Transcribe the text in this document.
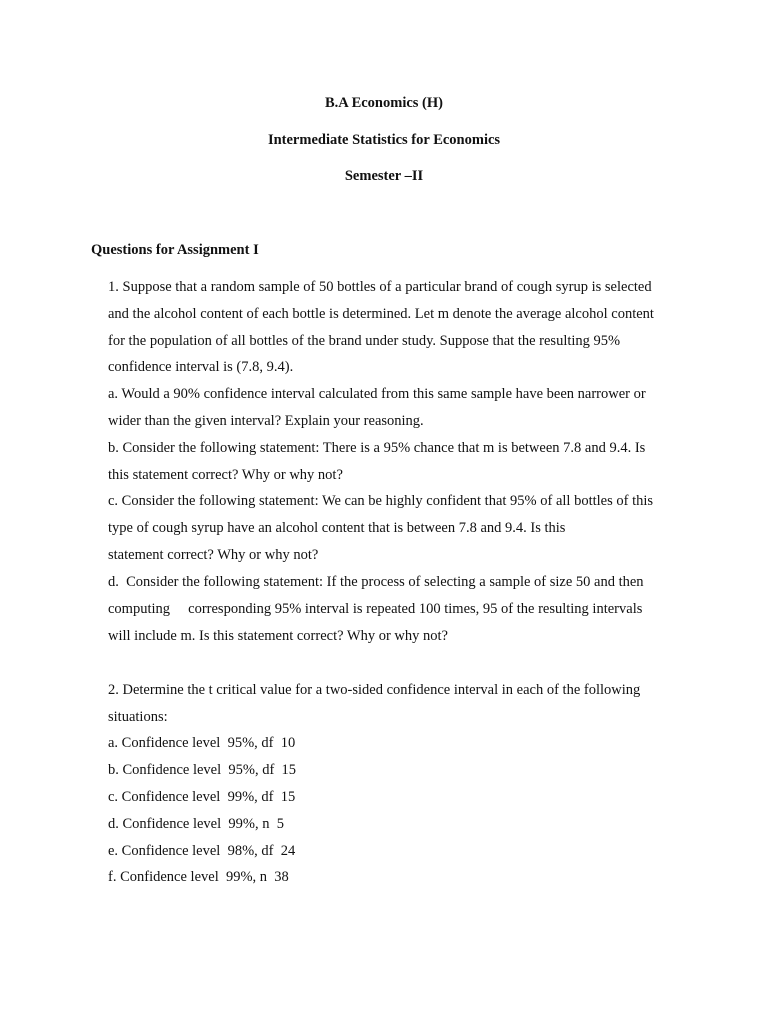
B.A Economics (H)
Intermediate Statistics for Economics
Semester –II
Questions for Assignment I
1. Suppose that a random sample of 50 bottles of a particular brand of cough syrup is selected
and the alcohol content of each bottle is determined. Let m denote the average alcohol content
for the population of all bottles of the brand under study. Suppose that the resulting 95%
confidence interval is (7.8, 9.4).
a. Would a 90% confidence interval calculated from this same sample have been narrower or
wider than the given interval? Explain your reasoning.
b. Consider the following statement: There is a 95% chance that m is between 7.8 and 9.4. Is
this statement correct? Why or why not?
c. Consider the following statement: We can be highly confident that 95% of all bottles of this
type of cough syrup have an alcohol content that is between 7.8 and 9.4. Is this
statement correct? Why or why not?
d.  Consider the following statement: If the process of selecting a sample of size 50 and then
computing     corresponding 95% interval is repeated 100 times, 95 of the resulting intervals
will include m. Is this statement correct? Why or why not?
2. Determine the t critical value for a two-sided confidence interval in each of the following
situations:
a. Confidence level  95%, df  10
b. Confidence level  95%, df  15
c. Confidence level  99%, df  15
d. Confidence level  99%, n  5
e. Confidence level  98%, df  24
f. Confidence level  99%, n  38
